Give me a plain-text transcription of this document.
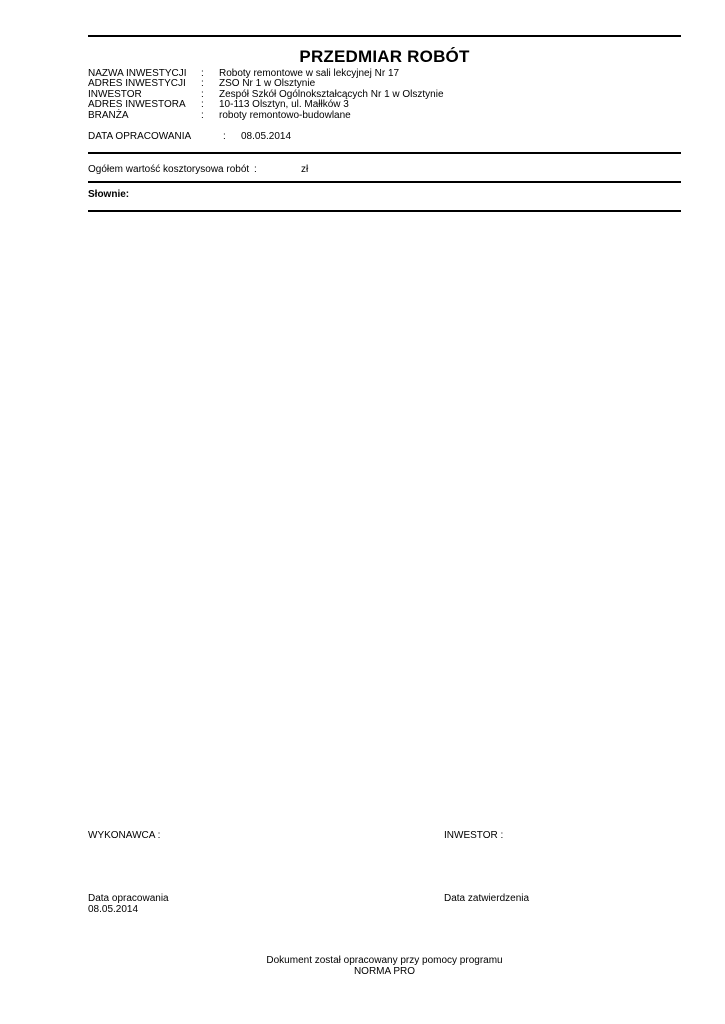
PRZEDMIAR ROBÓT
NAZWA INWESTYCJI : Roboty remontowe w sali lekcyjnej Nr 17
ADRES INWESTYCJI : ZSO Nr 1 w Olsztynie
INWESTOR	: Zespół Szkół Ogólnokształcących Nr 1 w Olsztynie
ADRES INWESTORA : 10-113 Olsztyn, ul. Małłków 3
BRANŻA	: roboty remontowo-budowlane
DATA OPRACOWANIA	: 08.05.2014
Ogółem wartość kosztorysowa robót :	zł
Słownie:
WYKONAWCA :	INWESTOR :
Data opracowania
08.05.2014
Data zatwierdzenia
Dokument został opracowany przy pomocy programu
NORMA PRO
